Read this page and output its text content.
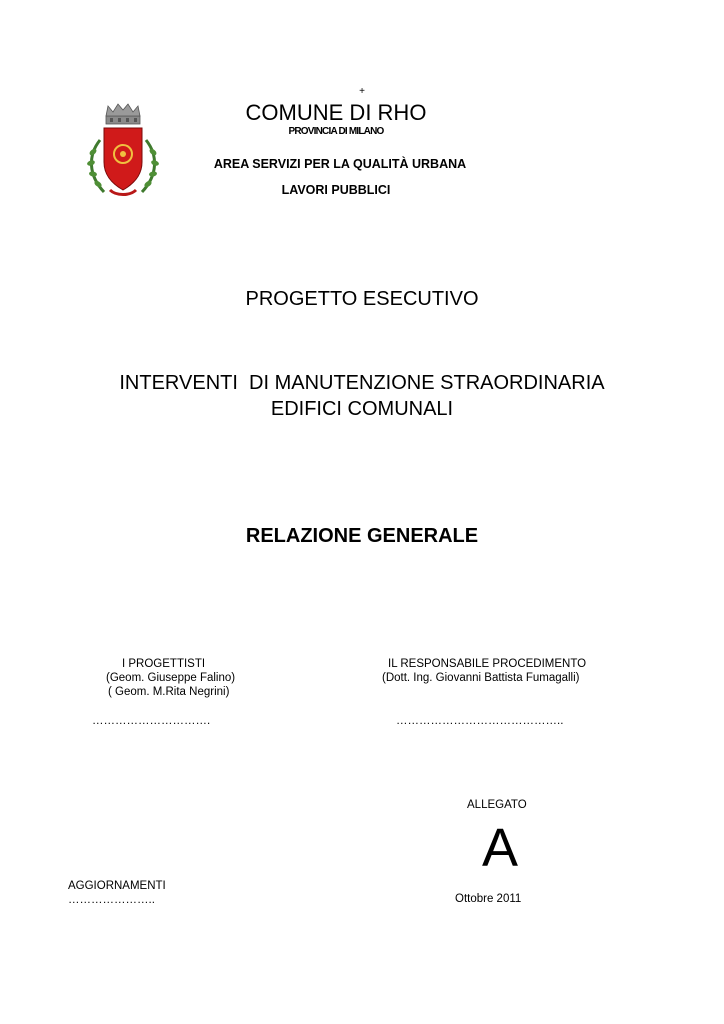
+
COMUNE DI RHO
PROVINCIA DI MILANO
AREA SERVIZI PER LA QUALITÀ URBANA
LAVORI PUBBLICI
PROGETTO ESECUTIVO
INTERVENTI  DI MANUTENZIONE STRAORDINARIA
EDIFICI COMUNALI
RELAZIONE GENERALE
I PROGETTISTI
(Geom. Giuseppe Falino)
( Geom. M.Rita Negrini)
………………………….
IL RESPONSABILE PROCEDIMENTO
(Dott. Ing. Giovanni Battista Fumagalli)
……………………………………..
ALLEGATO
A
AGGIORNAMENTI
…………………..	Ottobre 2011
